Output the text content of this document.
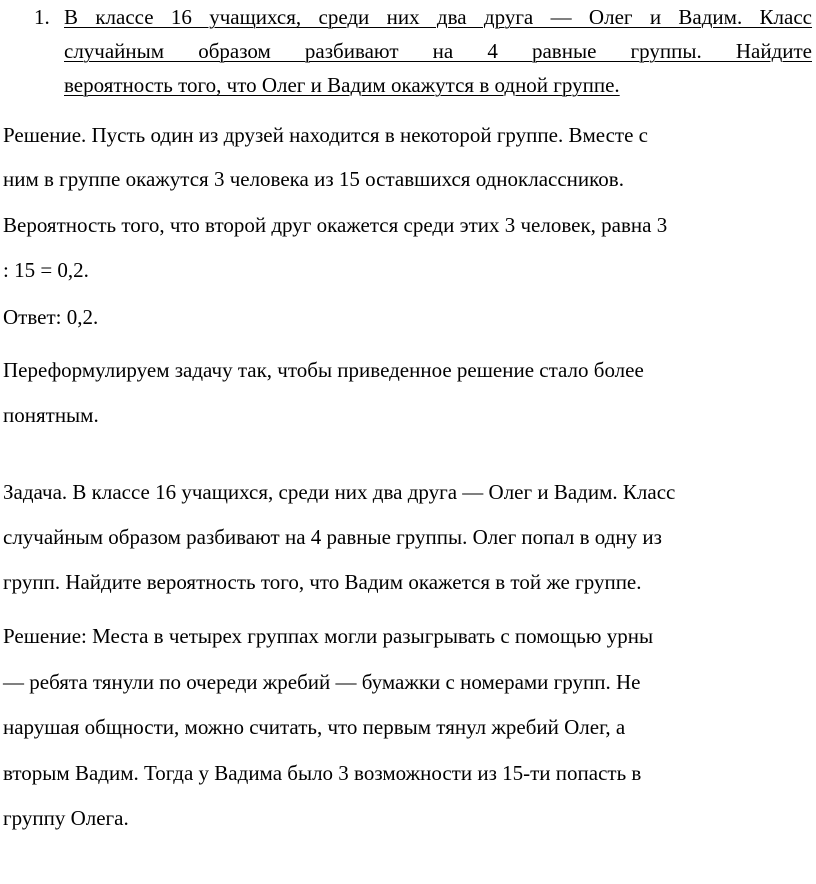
1. В классе 16 учащихся, среди них два друга — Олег и Вадим. Класс
случайным образом разбивают на 4 равные группы. Найдите
вероятность того, что Олег и Вадим окажутся в одной группе.
Решение. Пусть один из друзей находится в некоторой группе. Вместе с
ним в группе окажутся 3 человека из 15 оставшихся одноклассников.
Вероятность того, что второй друг окажется среди этих 3 человек, равна 3
: 15 = 0,2.
Ответ: 0,2.
Переформулируем задачу так, чтобы приведенное решение стало более
понятным.
Задача. В классе 16 учащихся, среди них два друга — Олег и Вадим. Класс
случайным образом разбивают на 4 равные группы. Олег попал в одну из
групп. Найдите вероятность того, что Вадим окажется в той же группе.
Решение: Места в четырех группах могли разыгрывать с помощью урны
— ребята тянули по очереди жребий — бумажки с номерами групп. Не
нарушая общности, можно считать, что первым тянул жребий Олег, а
вторым Вадим. Тогда у Вадима было 3 возможности из 15-ти попасть в
группу Олега.
